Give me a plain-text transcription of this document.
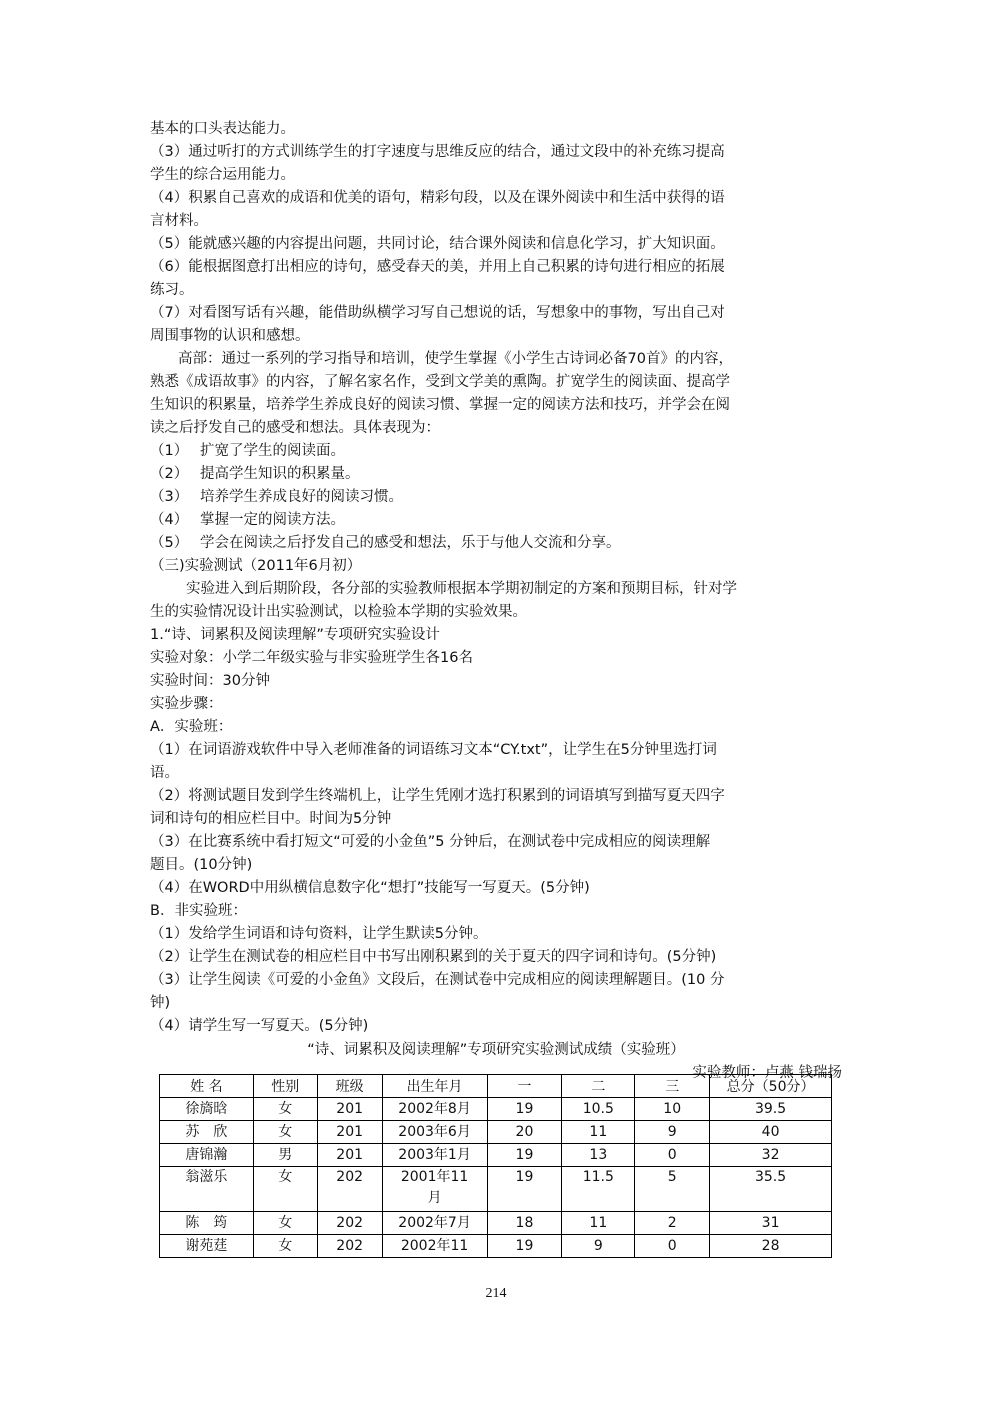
基本的口头表达能力。
（3）通过听打的方式训练学生的打字速度与思维反应的结合，通过文段中的补充练习提高
学生的综合运用能力。
（4）积累自己喜欢的成语和优美的语句，精彩句段，以及在课外阅读中和生活中获得的语
言材料。
（5）能就感兴趣的内容提出问题，共同讨论，结合课外阅读和信息化学习，扩大知识面。
（6）能根据图意打出相应的诗句，感受春天的美，并用上自己积累的诗句进行相应的拓展
练习。
（7）对看图写话有兴趣，能借助纵横学习写自己想说的话，写想象中的事物，写出自己对
周围事物的认识和感想。
高部：通过一系列的学习指导和培训，使学生掌握《小学生古诗词必备70首》的内容，
熟悉《成语故事》的内容，了解名家名作，受到文学美的熏陶。扩宽学生的阅读面、提高学
生知识的积累量，培养学生养成良好的阅读习惯、掌握一定的阅读方法和技巧，并学会在阅
读之后抒发自己的感受和想法。具体表现为：
（1） 扩宽了学生的阅读面。
（2） 提高学生知识的积累量。
（3） 培养学生养成良好的阅读习惯。
（4） 掌握一定的阅读方法。
（5） 学会在阅读之后抒发自己的感受和想法，乐于与他人交流和分享。
（三)实验测试（2011年6月初）
实验进入到后期阶段，各分部的实验教师根据本学期初制定的方案和预期目标，针对学
生的实验情况设计出实验测试，以检验本学期的实验效果。
1.“诗、词累积及阅读理解”专项研究实验设计
实验对象：小学二年级实验与非实验班学生各16名
实验时间：30分钟
实验步骤：
A．实验班：
（1）在词语游戏软件中导入老师准备的词语练习文本“CY.txt”，让学生在5分钟里选打词
语。
（2）将测试题目发到学生终端机上，让学生凭刚才选打积累到的词语填写到描写夏天四字
词和诗句的相应栏目中。时间为5分钟
（3）在比赛系统中看打短文“可爱的小金鱼”5 分钟后，在测试卷中完成相应的阅读理解
题目。(10分钟)
（4）在WORD中用纵横信息数字化“想打”技能写一写夏天。(5分钟)
B．非实验班：
（1）发给学生词语和诗句资料，让学生默读5分钟。
（2）让学生在测试卷的相应栏目中书写出刚积累到的关于夏天的四字词和诗句。(5分钟)
（3）让学生阅读《可爱的小金鱼》文段后，在测试卷中完成相应的阅读理解题目。(10 分
钟)
（4）请学生写一写夏天。(5分钟)
“诗、词累积及阅读理解”专项研究实验测试成绩（实验班）
实验教师：卢燕 钱瑞扬
姓 名	性别	班级	出生年月	一	二	三	总分（50分）
徐旖晗	女	201	2002年8月	19	10.5	10	39.5
苏　欣	女	201	2003年6月	20	11	9	40
唐锦瀚	男	201	2003年1月	19	13	0	32
翁滋乐	女	202	2001年11月	19	11.5	5	35.5
陈　筠	女	202	2002年7月	18	11	2	31
谢苑莛	女	202	2002年11	19	9	0	28
214
